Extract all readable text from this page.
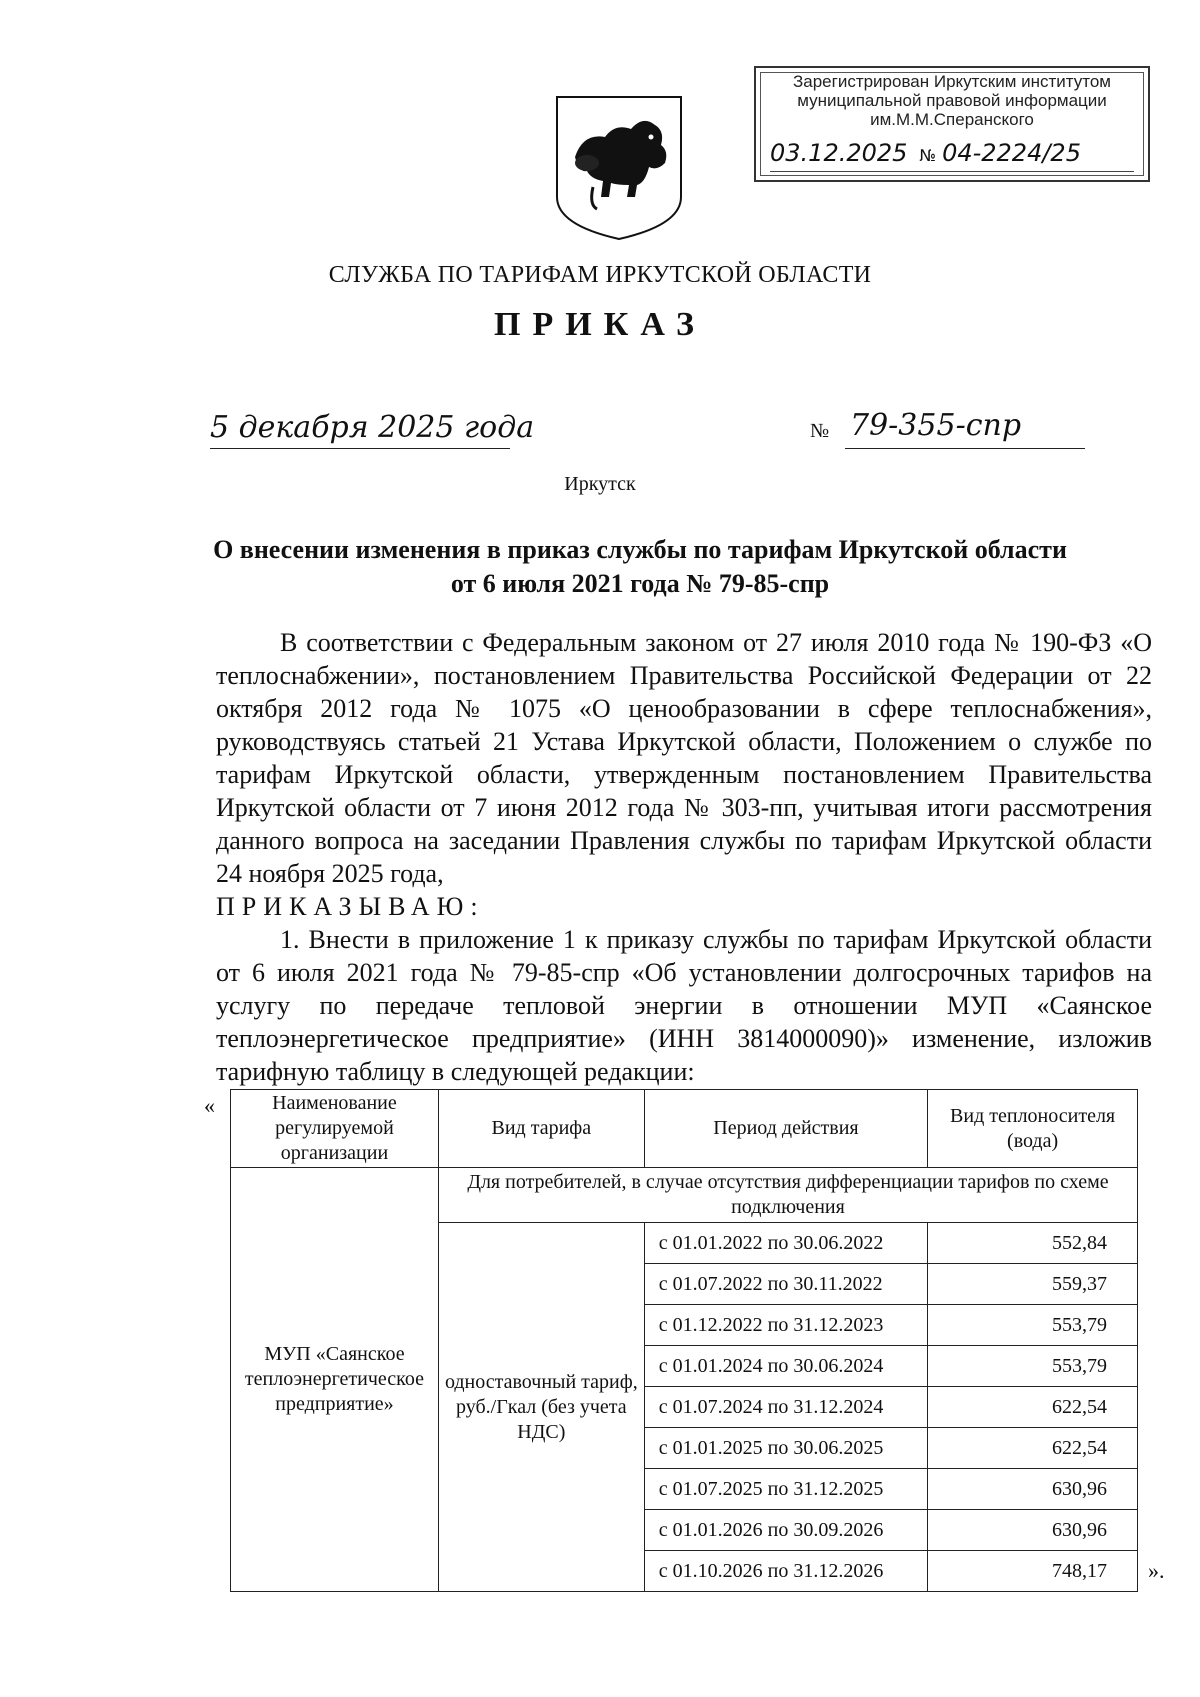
Зарегистрирован Иркутским институтом
муниципальной правовой информации
им.М.М.Сперанского
03.12.2025 № 04-2224/25
СЛУЖБА ПО ТАРИФАМ ИРКУТСКОЙ ОБЛАСТИ
ПРИКАЗ
5 декабря 2025 года	№ 79-355-спр
Иркутск
О внесении изменения в приказ службы по тарифам Иркутской области
от 6 июля 2021 года № 79-85-спр

В соответствии с Федеральным законом от 27 июля 2010 года № 190-ФЗ «О теплоснабжении», постановлением Правительства Российской Федерации от 22 октября 2012 года № 1075 «О ценообразовании в сфере теплоснабжения», руководствуясь статьей 21 Устава Иркутской области, Положением о службе по тарифам Иркутской области, утвержденным постановлением Правительства Иркутской области от 7 июня 2012 года № 303-пп, учитывая итоги рассмотрения данного вопроса на заседании Правления службы по тарифам Иркутской области 24 ноября 2025 года,

ПРИКАЗЫВАЮ:

1. Внести в приложение 1 к приказу службы по тарифам Иркутской области от 6 июля 2021 года № 79-85-спр «Об установлении долгосрочных тарифов на услугу по передаче тепловой энергии в отношении МУП «Саянское теплоэнергетическое предприятие» (ИНН 3814000090)» изменение, изложив тарифную таблицу в следующей редакции:

«	Наименование регулируемой организации	Вид тарифа	Период действия	Вид теплоносителя (вода)
МУП «Саянское теплоэнергетическое предприятие»	Для потребителей, в случае отсутствия дифференциации тарифов по схеме подключения		
	одноставочный тариф, руб./Гкал (без учета НДС)	с 01.01.2022 по 30.06.2022	552,84
		с 01.07.2022 по 30.11.2022	559,37
		с 01.12.2022 по 31.12.2023	553,79
		с 01.01.2024 по 30.06.2024	553,79
		с 01.07.2024 по 31.12.2024	622,54
		с 01.01.2025 по 30.06.2025	622,54
		с 01.07.2025 по 31.12.2025	630,96
		с 01.01.2026 по 30.09.2026	630,96
		с 01.10.2026 по 31.12.2026	748,17 ».
